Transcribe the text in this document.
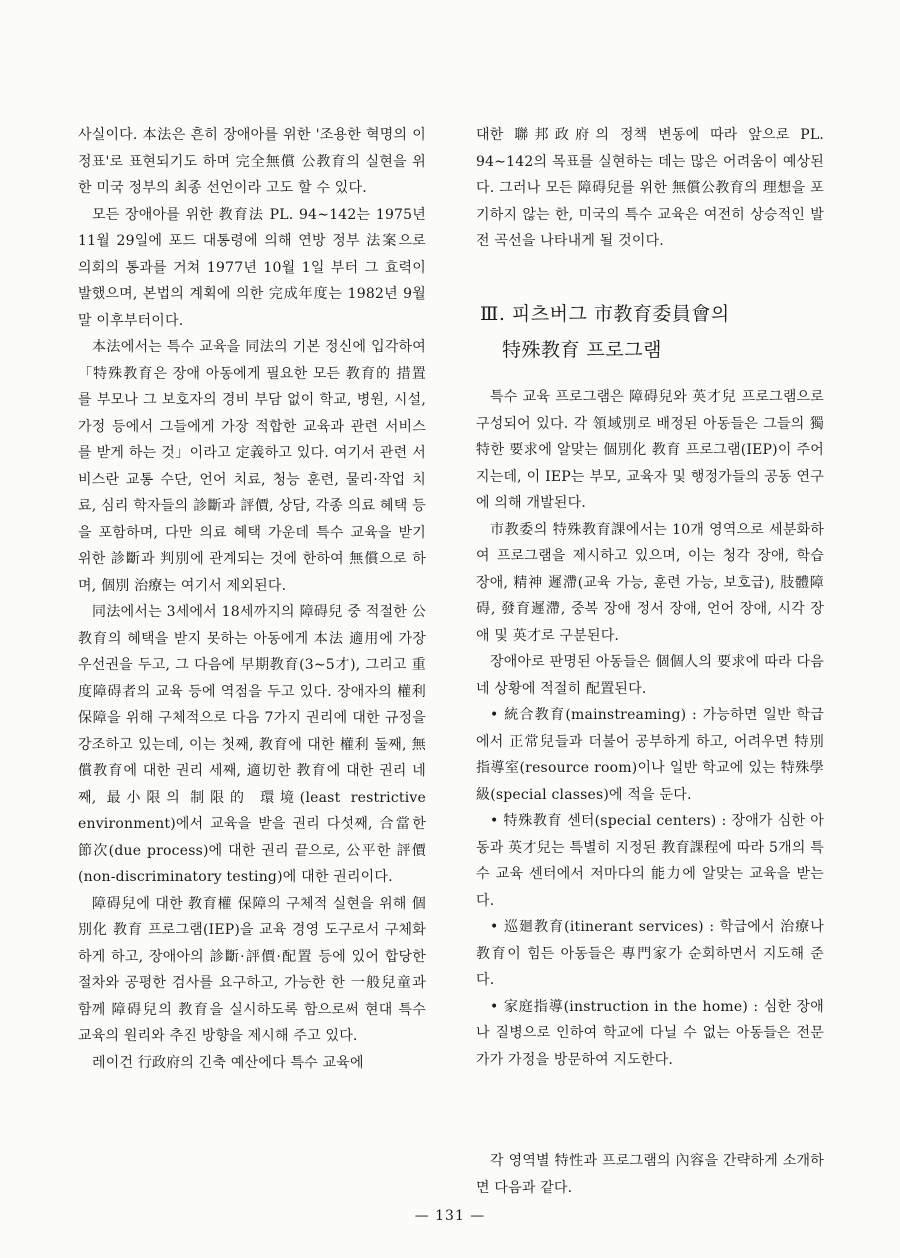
사실이다. 本法은 흔히 장애아를 위한 '조용한 혁명의 이정표'로 표현되기도 하며 完全無償 公教育의 실현을 위한 미국 정부의 최종 선언이라 고도 할 수 있다.

모든 장애아를 위한 教育法 PL. 94∼142는 1975년 11월 29일에 포드 대통령에 의해 연방 정부 法案으로 의회의 통과를 거쳐 1977년 10월 1일 부터 그 효력이 발했으며, 본법의 계획에 의한 完成年度는 1982년 9월말 이후부터이다.

本法에서는 특수 교육을 同法의 기본 정신에 입각하여「特殊教育은 장애 아동에게 필요한 모든 教育的 措置를 부모나 그 보호자의 경비 부담 없이 학교, 병원, 시설, 가정 등에서 그들에게 가장 적합한 교육과 관련 서비스를 받게 하는 것」이라고 定義하고 있다. 여기서 관련 서비스란 교통 수단, 언어 치료, 청능 훈련, 물리·작업 치료, 심리 학자들의 診斷과 評價, 상담, 각종 의료 혜택 등을 포함하며, 다만 의료 혜택 가운데 특수 교육을 받기 위한 診斷과 判別에 관계되는 것에 한하여 無償으로 하며, 個別 治療는 여기서 제외된다.

同法에서는 3세에서 18세까지의 障碍兒 중 적절한 公教育의 혜택을 받지 못하는 아동에게 本法 適用에 가장 우선권을 두고, 그 다음에 早期教育(3∼5才), 그리고 重度障碍者의 교육 등에 역점을 두고 있다. 장애자의 權利保障을 위해 구체적으로 다음 7가지 권리에 대한 규정을 강조하고 있는데, 이는 첫째, 教育에 대한 權利 둘째, 無償教育에 대한 권리 세째, 適切한 教育에 대한 권리 네째, 最小限의 制限的 環境(least restrictive environment)에서 교육을 받을 권리 다섯째, 合當한 節次(due process)에 대한 권리 끝으로, 公平한 評價(non-discriminatory testing)에 대한 권리이다.

障碍兒에 대한 教育權 保障의 구체적 실현을 위해 個別化 教育 프로그램(IEP)을 교육 경영 도구로서 구체화하게 하고, 장애아의 診斷·評價·配置 등에 있어 합당한 절차와 공평한 검사를 요구하고, 가능한 한 一般兒童과 함께 障碍兒의 教育을 실시하도록 함으로써 현대 특수 교육의 원리와 추진 방향을 제시해 주고 있다.

레이건 行政府의 긴축 예산에다 특수 교육에

대한 聯邦政府의 정책 변동에 따라 앞으로 PL. 94∼142의 목표를 실현하는 데는 많은 어려움이 예상된다. 그러나 모든 障碍兒를 위한 無償公教育의 理想을 포기하지 않는 한, 미국의 특수 교육은 여전히 상승적인 발전 곡선을 나타내게 될 것이다.

Ⅲ. 피츠버그 市教育委員會의
特殊教育 프로그램

특수 교육 프로그램은 障碍兒와 英才兒 프로그램으로 구성되어 있다. 각 領域別로 배정된 아동들은 그들의 獨特한 要求에 알맞는 個別化 教育 프로그램(IEP)이 주어지는데, 이 IEP는 부모, 교육자 및 행정가들의 공동 연구에 의해 개발된다.

市教委의 特殊教育課에서는 10개 영역으로 세분화하여 프로그램을 제시하고 있으며, 이는 청각 장애, 학습 장애, 精神 遲滯(교육 가능, 훈련 가능, 보호급), 肢體障碍, 發育遲滯, 중복 장애 정서 장애, 언어 장애, 시각 장애 및 英才로 구분된다.

장애아로 판명된 아동들은 個個人의 要求에 따라 다음 네 상황에 적절히 配置된다.

• 統合教育(mainstreaming) : 가능하면 일반 학급에서 正常兒들과 더불어 공부하게 하고, 어려우면 特別指導室(resource room)이나 일반 학교에 있는 特殊學級(special classes)에 적을 둔다.

• 特殊教育 센터(special centers) : 장애가 심한 아동과 英才兒는 특별히 지정된 教育課程에 따라 5개의 특수 교육 센터에서 저마다의 能力에 알맞는 교육을 받는다.

• 巡廻教育(itinerant services) : 학급에서 治療나 教育이 힘든 아동들은 專門家가 순회하면서 지도해 준다.

• 家庭指導(instruction in the home) : 심한 장애나 질병으로 인하여 학교에 다닐 수 없는 아동들은 전문가가 가정을 방문하여 지도한다.

각 영역별 特性과 프로그램의 內容을 간략하게 소개하면 다음과 같다.

— 131 —
